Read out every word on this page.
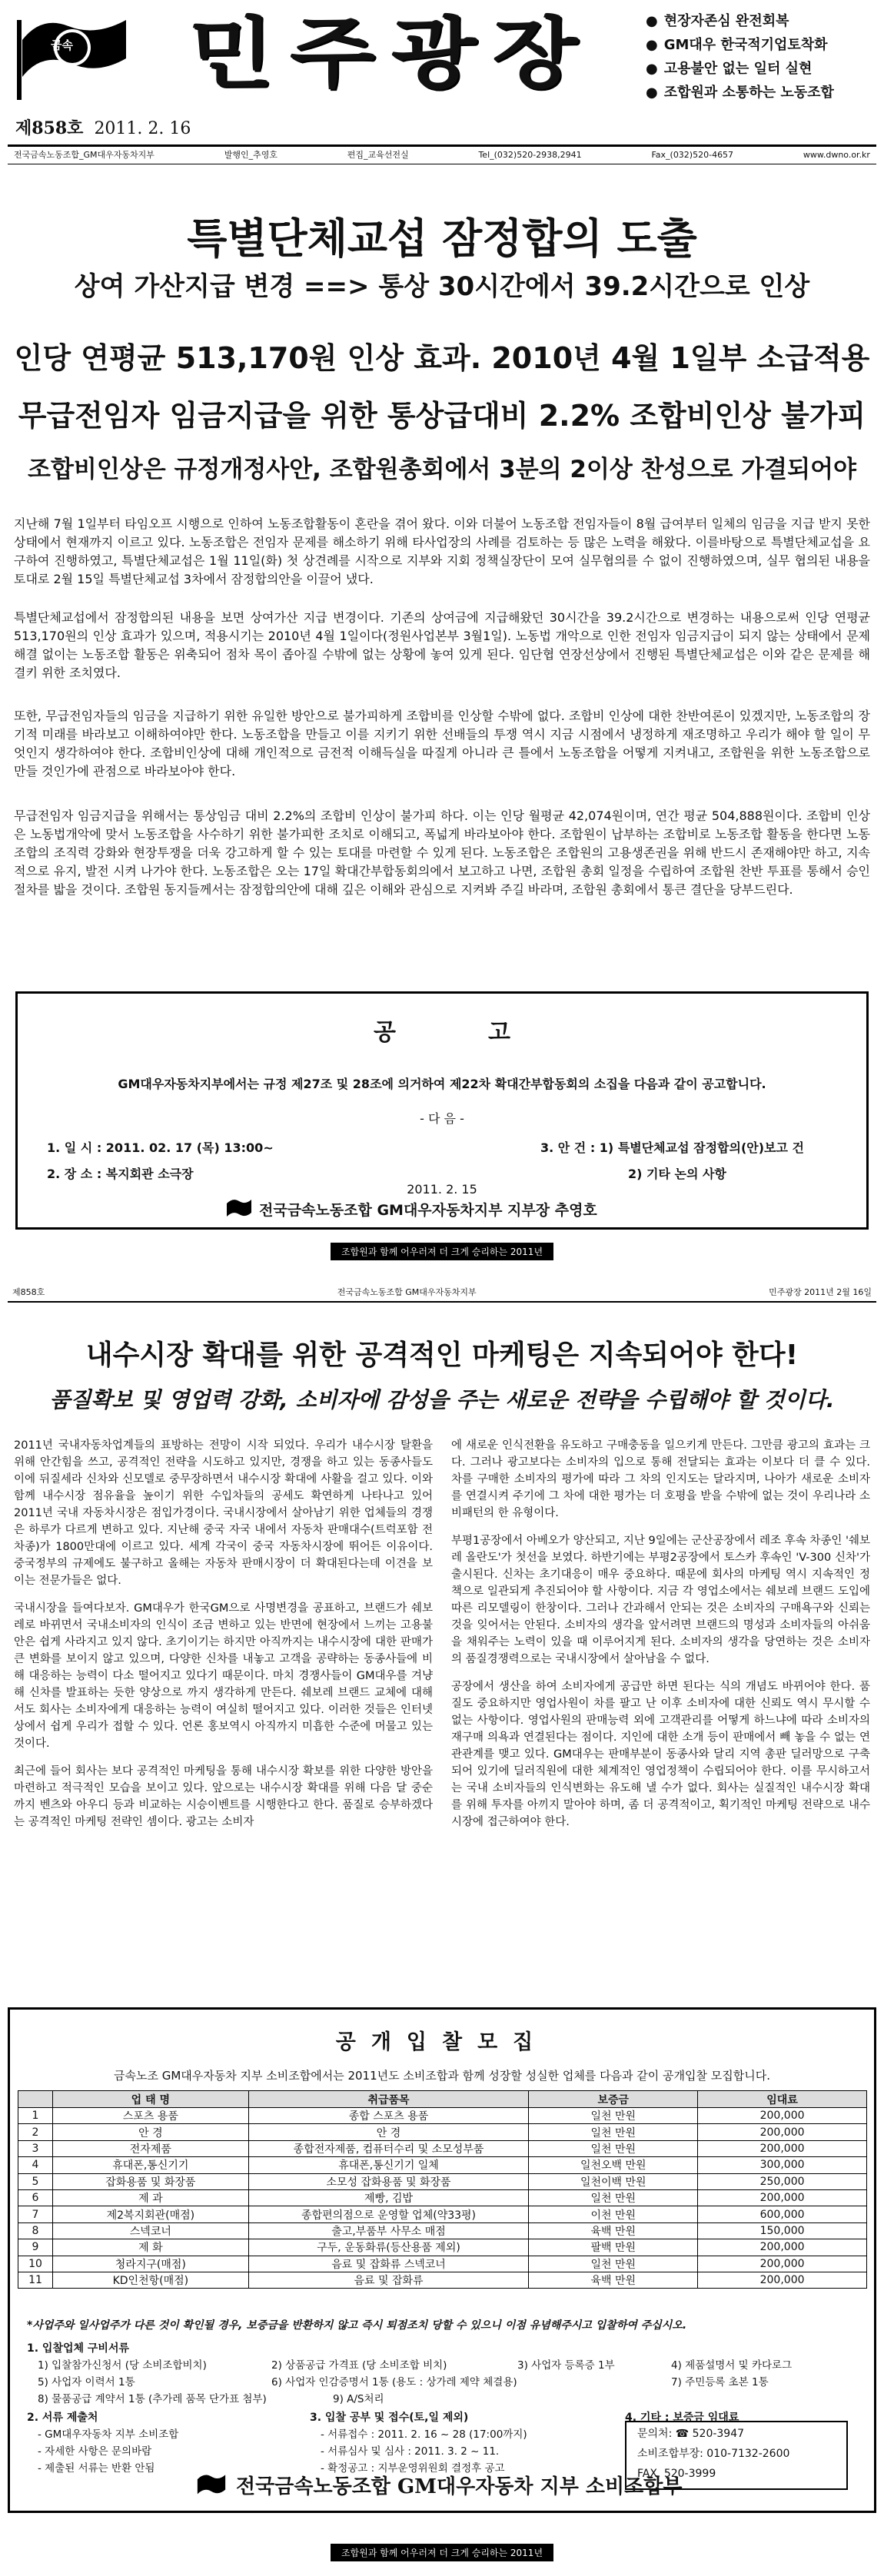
금속 민주광장
제858호 2011. 2. 16
● 현장자존심 완전회복
● GM대우 한국적기업토착화
● 고용불안 없는 일터 실현
● 조합원과 소통하는 노동조합
전국금속노동조합_GM대우자동차지부	발행인_추영호	편집_교육선전실	Tel_(032)520-2938,2941	Fax_(032)520-4657	www.dwno.or.kr
특별단체교섭 잠정합의 도출
상여 가산지급 변경 ==> 통상 30시간에서 39.2시간으로 인상
인당 연평균 513,170원 인상 효과. 2010년 4월 1일부 소급적용
무급전임자 임금지급을 위한 통상급대비 2.2% 조합비인상 불가피
조합비인상은 규정개정사안, 조합원총회에서 3분의 2이상 찬성으로 가결되어야
지난해 7월 1일부터 타임오프 시행으로 인하여 노동조합활동이 혼란을 겪어 왔다. 이와 더불어 노동조합 전임자들이 8월 급여부터 일체의 임금을 지급 받지 못한 상태에서 현재까지 이르고 있다. 노동조합은 전임자 문제를 해소하기 위해 타사업장의 사례를 검토하는 등 많은 노력을 해왔다. 이를바탕으로 특별단체교섭을 요구하여 진행하였고, 특별단체교섭은 1월 11일(화) 첫 상견례를 시작으로 지부와 지회 정책실장단이 모여 실무협의를 수 없이 진행하였으며, 실무 협의된 내용을 토대로 2월 15일 특별단체교섭 3차에서 잠정합의안을 이끌어 냈다.
특별단체교섭에서 잠정합의된 내용을 보면 상여가산 지급 변경이다. 기존의 상여금에 지급해왔던 30시간을 39.2시간으로 변경하는 내용으로써 인당 연평균 513,170원의 인상 효과가 있으며, 적용시기는 2010년 4월 1일이다(정원사업본부 3월1일). 노동법 개악으로 인한 전임자 임금지급이 되지 않는 상태에서 문제 해결 없이는 노동조합 활동은 위축되어 점차 목이 좁아질 수밖에 없는 상황에 놓여 있게 된다. 임단협 연장선상에서 진행된 특별단체교섭은 이와 같은 문제를 해결키 위한 조치였다.
또한, 무급전임자들의 임금을 지급하기 위한 유일한 방안으로 불가피하게 조합비를 인상할 수밖에 없다. 조합비 인상에 대한 찬반여론이 있겠지만, 노동조합의 장기적 미래를 바라보고 이해하여야만 한다. 노동조합을 만들고 이를 지키기 위한 선배들의 투쟁 역시 지금 시점에서 냉정하게 재조명하고 우리가 해야 할 일이 무엇인지 생각하여야 한다. 조합비인상에 대해 개인적으로 금전적 이해득실을 따질게 아니라 큰 틀에서 노동조합을 어떻게 지켜내고, 조합원을 위한 노동조합으로 만들 것인가에 관점으로 바라보아야 한다.
무급전임자 임금지급을 위해서는 통상임금 대비 2.2%의 조합비 인상이 불가피 하다. 이는 인당 월평균 42,074원이며, 연간 평균 504,888원이다. 조합비 인상은 노동법개악에 맞서 노동조합을 사수하기 위한 불가피한 조치로 이해되고, 폭넓게 바라보아야 한다. 조합원이 납부하는 조합비로 노동조합 활동을 한다면 노동조합의 조직력 강화와 현장투쟁을 더욱 강고하게 할 수 있는 토대를 마련할 수 있게 된다. 노동조합은 조합원의 고용생존권을 위해 반드시 존재해야만 하고, 지속적으로 유지, 발전 시켜 나가야 한다. 노동조합은 오는 17일 확대간부합동회의에서 보고하고 나면, 조합원 총회 일정을 수립하여 조합원 찬반 투표를 통해서 승인 절차를 밟을 것이다. 조합원 동지들께서는 잠정합의안에 대해 깊은 이해와 관심으로 지켜봐 주길 바라며, 조합원 총회에서 통큰 결단을 당부드린다.
공고
GM대우자동차지부에서는 규정 제27조 및 28조에 의거하여 제22차 확대간부합동회의 소집을 다음과 같이 공고합니다.
- 다 음 -
1. 일 시 : 2011. 02. 17 (목) 13:00~
2. 장 소 : 복지회관 소극장
3. 안 건 : 1) 특별단체교섭 잠정합의(안)보고 건
2) 기타 논의 사항
2011. 2. 15
전국금속노동조합 GM대우자동차지부 지부장 추영호
조합원과 함께 어우러져 더 크게 승리하는 2011년
제858호	전국금속노동조합 GM대우자동차지부	민주광장 2011년 2월 16일
내수시장 확대를 위한 공격적인 마케팅은 지속되어야 한다!
품질확보 및 영업력 강화, 소비자에 감성을 주는 새로운 전략을 수립해야 할 것이다.

2011년 국내자동차업계들의 표방하는 전망이 시작 되었다. 우리가 내수시장 탈환을 위해 안간힘을 쓰고, 공격적인 전략을 시도하고 있지만, 경쟁을 하고 있는 동종사들도 이에 뒤질세라 신차와 신모델로 중무장하면서 내수시장 확대에 사활을 걸고 있다. 이와 함께 내수시장 점유율을 높이기 위한 수입차들의 공세도 확연하게 나타나고 있어 2011년 국내 자동차시장은 점입가경이다. 국내시장에서 살아남기 위한 업체들의 경쟁은 하루가 다르게 변하고 있다. 지난해 중국 자국 내에서 자동차 판매대수(트럭포함 전차종)가 1800만대에 이르고 있다. 세계 각국이 중국 자동차시장에 뛰어든 이유이다. 중국정부의 규제에도 불구하고 올해는 자동차 판매시장이 더 확대된다는데 이견을 보이는 전문가들은 없다.

국내시장을 들여다보자. GM대우가 한국GM으로 사명변경을 공표하고, 브랜드가 쉐보레로 바뀌면서 국내소비자의 인식이 조금 변하고 있는 반면에 현장에서 느끼는 고용불안은 쉽게 사라지고 있지 않다. 초기이기는 하지만 아직까지는 내수시장에 대한 판매가 큰 변화를 보이지 않고 있으며, 다양한 신차를 내놓고 고객을 공략하는 동종사들에 비해 대응하는 능력이 다소 떨어지고 있다기 때문이다. 마치 경쟁사들이 GM대우를 겨냥해 신차를 발표하는 듯한 양상으로 까지 생각하게 만든다. 쉐보레 브랜드 교체에 대해서도 회사는 소비자에게 대응하는 능력이 여실히 떨어지고 있다. 이러한 것들은 인터넷 상에서 쉽게 우리가 접할 수 있다. 언론 홍보역시 아직까지 미흡한 수준에 머물고 있는 것이다.

최근에 들어 회사는 보다 공격적인 마케팅을 통해 내수시장 확보를 위한 다양한 방안을 마련하고 적극적인 모습을 보이고 있다. 앞으로는 내수시장 확대를 위해 다음 달 중순까지 벤츠와 아우디 등과 비교하는 시승이벤트를 시행한다고 한다. 품질로 승부하겠다는 공격적인 마케팅 전략인 셈이다. 광고는 소비자

에 새로운 인식전환을 유도하고 구매충동을 일으키게 만든다. 그만큼 광고의 효과는 크다. 그러나 광고보다는 소비자의 입으로 통해 전달되는 효과는 이보다 더 클 수 있다. 차를 구매한 소비자의 평가에 따라 그 차의 인지도는 달라지며, 나아가 새로운 소비자를 연결시켜 주기에 그 차에 대한 평가는 더 호평을 받을 수밖에 없는 것이 우리나라 소비패턴의 한 유형이다.

부평1공장에서 아베오가 양산되고, 지난 9일에는 군산공장에서 레조 후속 차종인 '쉐보레 올란도'가 첫선을 보였다. 하반기에는 부평2공장에서 토스카 후속인 'V-300 신차'가 출시된다. 신차는 초기대응이 매우 중요하다. 때문에 회사의 마케팅 역시 지속적인 정책으로 일관되게 추진되어야 할 사항이다. 지금 각 영업소에서는 쉐보레 브랜드 도입에 따른 리모델링이 한창이다. 그러나 간과해서 안되는 것은 소비자의 구매욕구와 신뢰는 것을 잊어서는 안된다. 소비자의 생각을 앞서려면 브랜드의 명성과 소비자들의 아쉬움을 채워주는 노력이 있을 때 이루어지게 된다. 소비자의 생각을 당연하는 것은 소비자의 품질경쟁력으로는 국내시장에서 살아남을 수 없다.

공장에서 생산을 하여 소비자에게 공급만 하면 된다는 식의 개념도 바뀌어야 한다. 품질도 중요하지만 영업사원이 차를 팔고 난 이후 소비자에 대한 신뢰도 역시 무시할 수 없는 사항이다. 영업사원의 판매능력 외에 고객관리를 어떻게 하느냐에 따라 소비자의 재구매 의욕과 연결된다는 점이다. 지인에 대한 소개 등이 판매에서 빼 놓을 수 없는 연관관계를 맺고 있다. GM대우는 판매부분이 동종사와 달리 지역 총판 딜러망으로 구축되어 있기에 딜러직원에 대한 체계적인 영업정책이 수립되어야 한다. 이를 무시하고서는 국내 소비자들의 인식변화는 유도해 낼 수가 없다. 회사는 실질적인 내수시장 확대를 위해 투자를 아끼지 말아야 하며, 좀 더 공격적이고, 획기적인 마케팅 전략으로 내수시장에 접근하여야 한다.

공개입찰모집
금속노조 GM대우자동차 지부 소비조합에서는 2011년도 소비조합과 함께 성장할 성실한 업체를 다음과 같이 공개입찰 모집합니다.
	업 태 명	취급품목	보증금	임대료
1	스포츠 용품	종합 스포츠 용품	일천 만원	200,000
2	안 경	안 경	일천 만원	200,000
3	전자제품	종합전자제품, 컴퓨터수리 및 소모성부품	일천 만원	200,000
4	휴대폰,통신기기	휴대폰,통신기기 일체	일천오백 만원	300,000
5	잡화용품 및 화장품	소모성 잡화용품 및 화장품	일천이백 만원	250,000
6	제 과	제빵, 김밥	일천 만원	200,000
7	제2복지회관(매점)	종합편의점으로 운영할 업체(약33평)	이천 만원	600,000
8	스넥코너	출고,부품부 사무소 매점	육백 만원	150,000
9	제 화	구두, 운동화류(등산용품 제외)	팔백 만원	200,000
10	청라지구(매점)	음료 및 잡화류 스넥코너	일천 만원	200,000
11	KD인천항(매점)	음료 및 잡화류	육백 만원	200,000
*사업주와 일사업주가 다른 것이 확인될 경우, 보증금을 반환하지 않고 즉시 퇴점조치 당할 수 있으니 이점 유념해주시고 입찰하여 주십시오.
1. 입찰업체 구비서류
1) 입찰참가신청서 (당 소비조합비치)	2) 상품공급 가격표 (당 소비조합 비치)	3) 사업자 등록증 1부	4) 제품설명서 및 카다로그
5) 사업자 이력서 1통	6) 사업자 인감증명서 1통 (용도 : 상가레 제약 체결용)	7) 주민등록 초본 1통
8) 물품공급 계약서 1통 (추가레 품목 단가표 첨부)	9) A/S처리
2. 서류 제출처
- GM대우자동차 지부 소비조합
- 자세한 사항은 문의바람
- 제출된 서류는 반환 안됨
3. 입찰 공부 및 접수(토,일 제외)
- 서류접수 : 2011. 2. 16 ~ 28 (17:00까지)
- 서류심사 및 심사 : 2011. 3. 2 ~ 11.
- 확정공고 : 지부운영위원회 결정후 공고
4. 기타 : 보증금 임대료
문의처: ☎ 520-3947
소비조합부장: 010-7132-2600
FAX. 520-3999
전국금속노동조합 GM대우자동차 지부 소비조합부
조합원과 함께 어우러져 더 크게 승리하는 2011년
